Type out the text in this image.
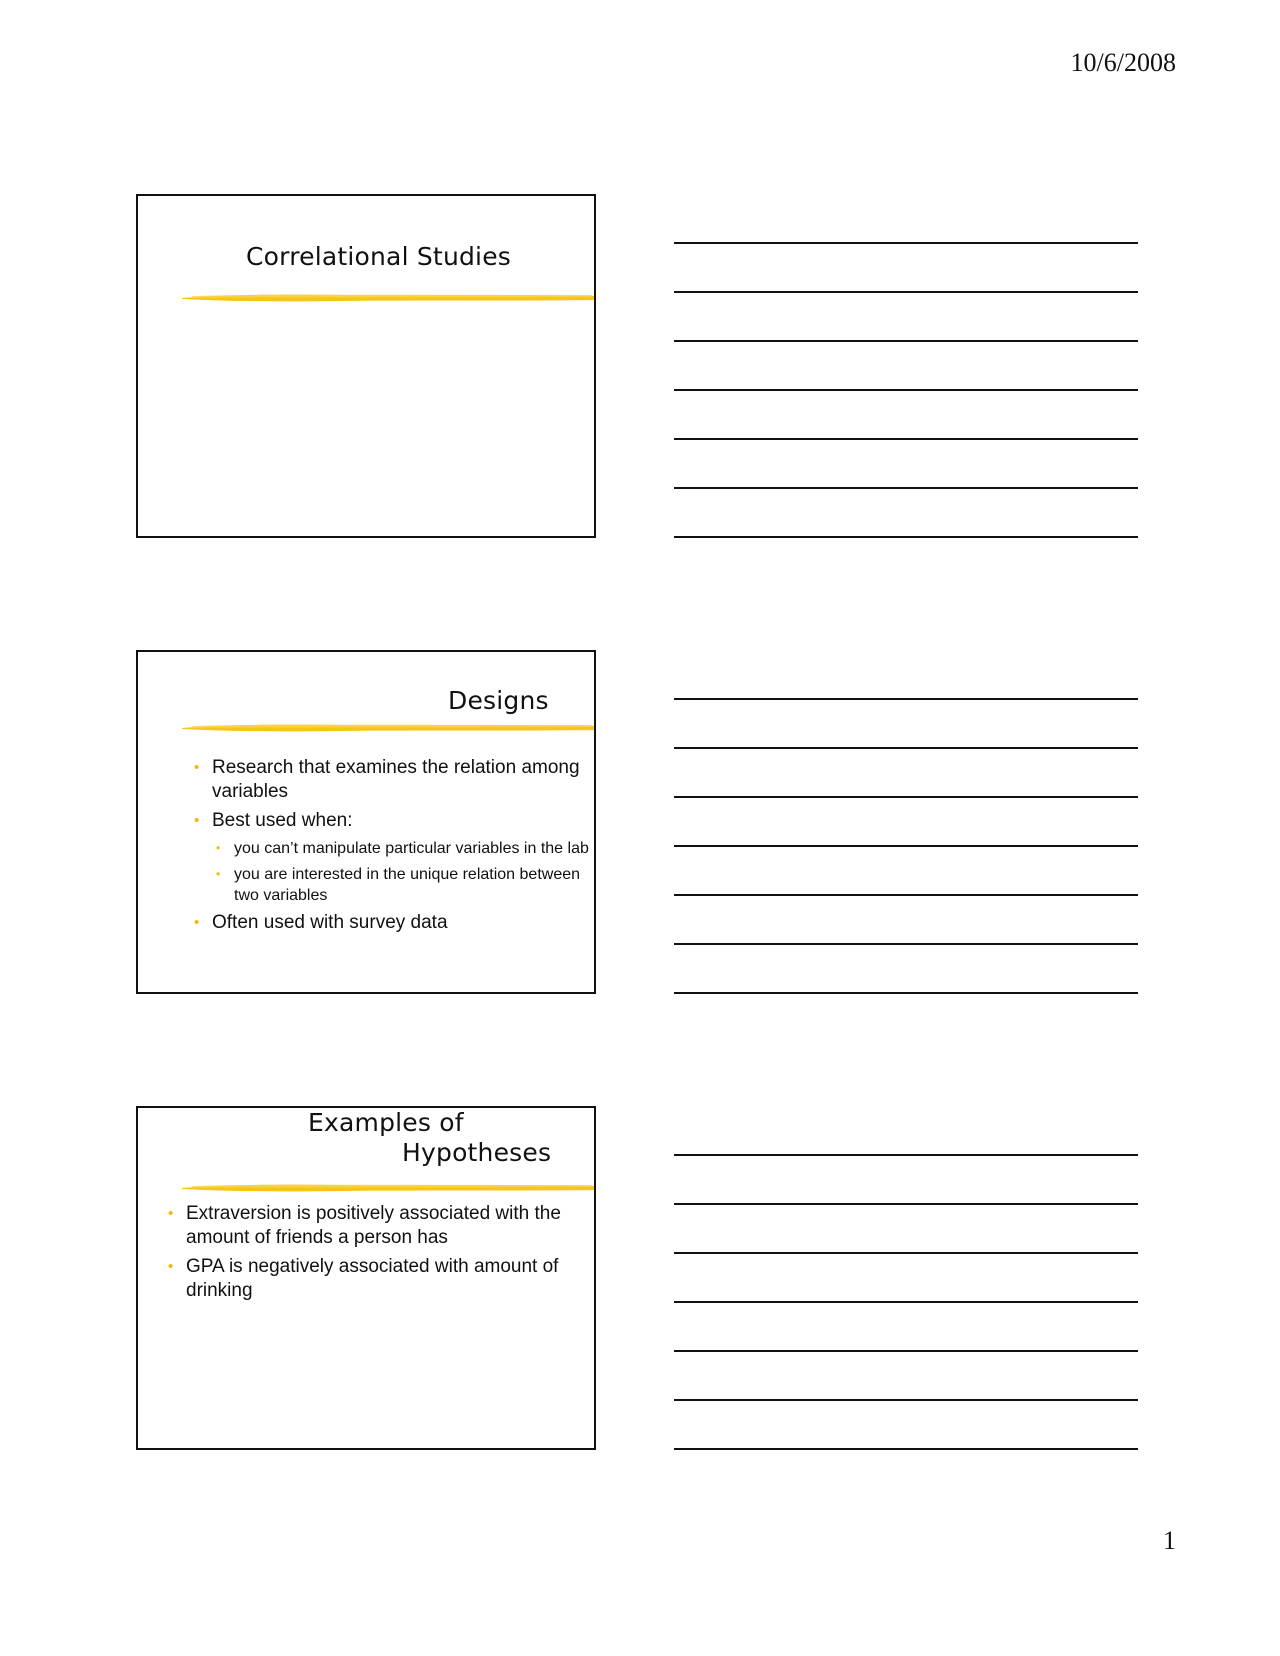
10/6/2008
Correlational Studies
Designs
• Research that examines the relation among variables
• Best used when:
• you can’t manipulate particular variables in the lab
• you are interested in the unique relation between two variables
• Often used with survey data
Examples of
Hypotheses
• Extraversion is positively associated with the amount of friends a person has
• GPA is negatively associated with amount of drinking
1
